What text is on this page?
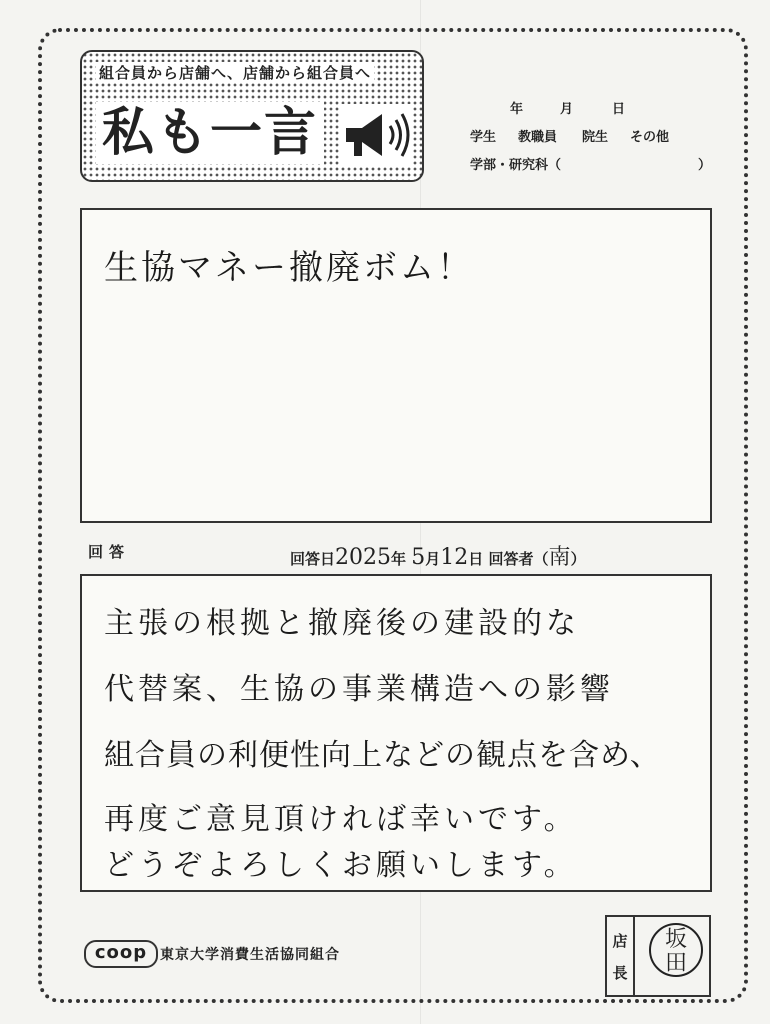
組合員から店舗へ、店舗から組合員へ
私も一言	年	月	日
学生 教職員 院生 その他
学部・研究科（	）
生協マネー撤廃ボム！
回答	回答日2025年 5月12日 回答者（南）
主張の根拠と撤廃後の建設的な
代替案、生協の事業構造への影響
組合員の利便性向上などの観点を含め、
再度ご意見頂ければ幸いです。
どうぞよろしくお願いします。
coop 東京大学消費生活協同組合
店
長
坂
田
